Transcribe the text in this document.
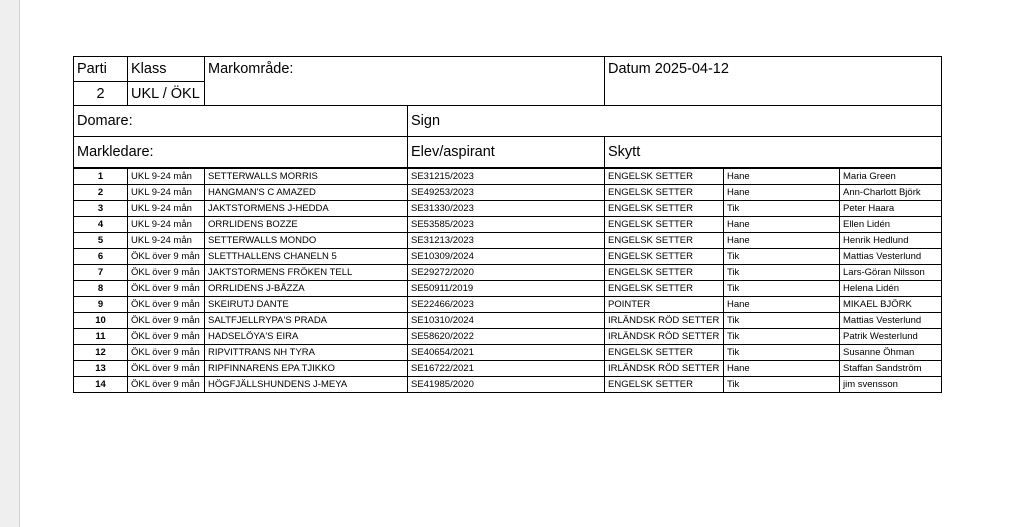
Parti	Klass	Markområde:		Datum 2025-04-12
2	UKL / ÖKL			
Domare:			Sign	
Markledare:			Elev/aspirant	Skytt
1	UKL 9-24 mån	SETTERWALLS MORRIS	SE31215/2023	ENGELSK SETTER	Hane	Maria Green
2	UKL 9-24 mån	HANGMAN'S C AMAZED	SE49253/2023	ENGELSK SETTER	Hane	Ann-Charlott Björk
3	UKL 9-24 mån	JAKTSTORMENS J-HEDDA	SE31330/2023	ENGELSK SETTER	Tik	Peter Haara
4	UKL 9-24 mån	ORRLIDENS BOZZE	SE53585/2023	ENGELSK SETTER	Hane	Ellen Lidén
5	UKL 9-24 mån	SETTERWALLS MONDO	SE31213/2023	ENGELSK SETTER	Hane	Henrik Hedlund
6	ÖKL över 9 mån	SLETTHALLENS CHANELN 5	SE10309/2024	ENGELSK SETTER	Tik	Mattias Vesterlund
7	ÖKL över 9 mån	JAKTSTORMENS FRÖKEN TELL	SE29272/2020	ENGELSK SETTER	Tik	Lars-Göran Nilsson
8	ÖKL över 9 mån	ORRLIDENS J-BÅZZA	SE50911/2019	ENGELSK SETTER	Tik	Helena Lidén
9	ÖKL över 9 mån	SKEIRUTJ DANTE	SE22466/2023	POINTER	Hane	MIKAEL BJÖRK
10	ÖKL över 9 mån	SALTFJELLRYPA'S PRADA	SE10310/2024	IRLÄNDSK RÖD SETTER	Tik	Mattias Vesterlund
11	ÖKL över 9 mån	HADSELÖYA'S EIRA	SE58620/2022	IRLÄNDSK RÖD SETTER	Tik	Patrik Westerlund
12	ÖKL över 9 mån	RIPVITTRANS NH TYRA	SE40654/2021	ENGELSK SETTER	Tik	Susanne Öhman
13	ÖKL över 9 mån	RIPFINNARENS EPA TJIKKO	SE16722/2021	IRLÄNDSK RÖD SETTER	Hane	Staffan Sandström
14	ÖKL över 9 mån	HÖGFJÄLLSHUNDENS J-MEYA	SE41985/2020	ENGELSK SETTER	Tik	jim svensson
